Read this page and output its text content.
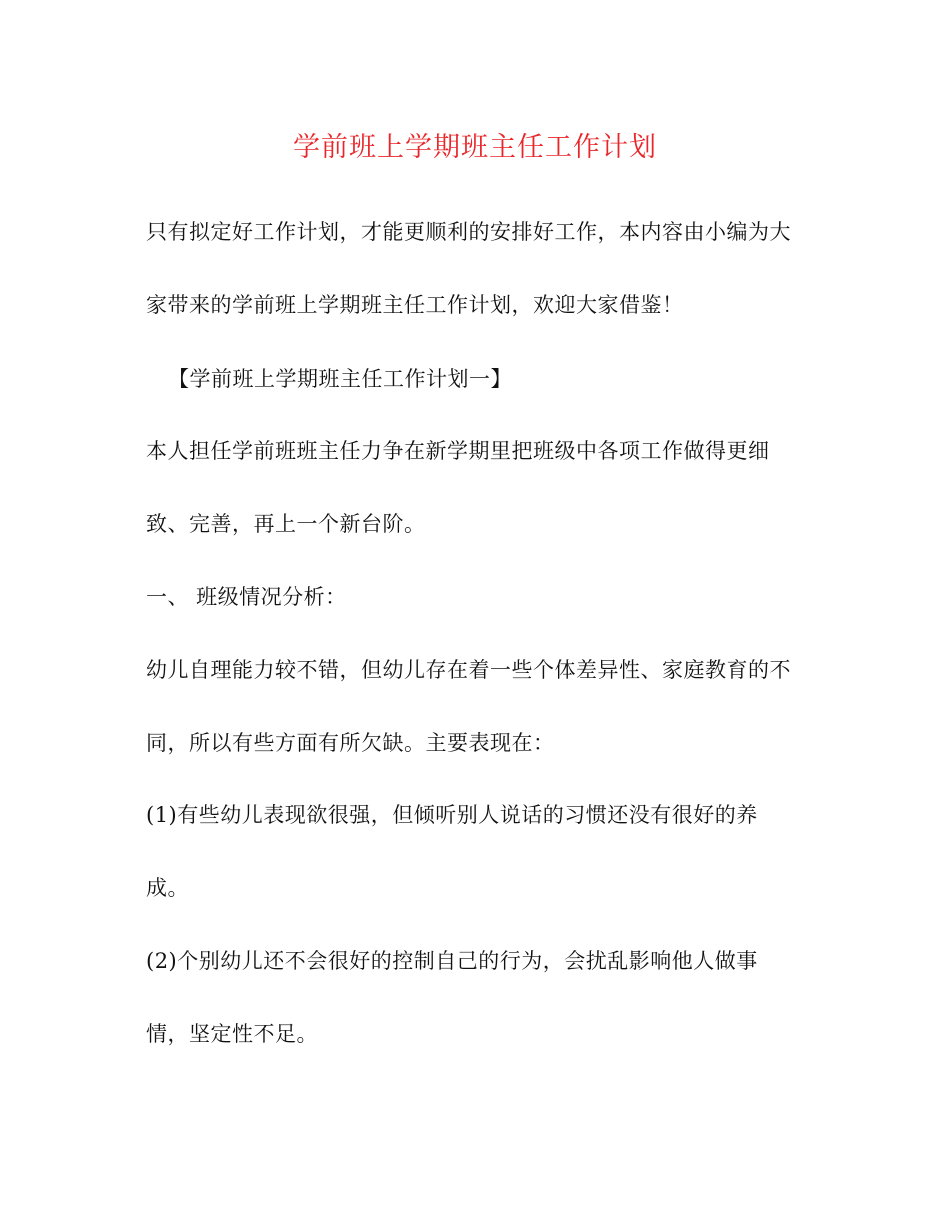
学前班上学期班主任工作计划
只有拟定好工作计划，才能更顺利的安排好工作，本内容由小编为大
家带来的学前班上学期班主任工作计划，欢迎大家借鉴！
【学前班上学期班主任工作计划一】
本人担任学前班班主任力争在新学期里把班级中各项工作做得更细
致、完善，再上一个新台阶。
一、 班级情况分析：
幼儿自理能力较不错，但幼儿存在着一些个体差异性、家庭教育的不
同，所以有些方面有所欠缺。主要表现在：
(1)有些幼儿表现欲很强，但倾听别人说话的习惯还没有很好的养
成。
(2)个别幼儿还不会很好的控制自己的行为，会扰乱影响他人做事
情，坚定性不足。
